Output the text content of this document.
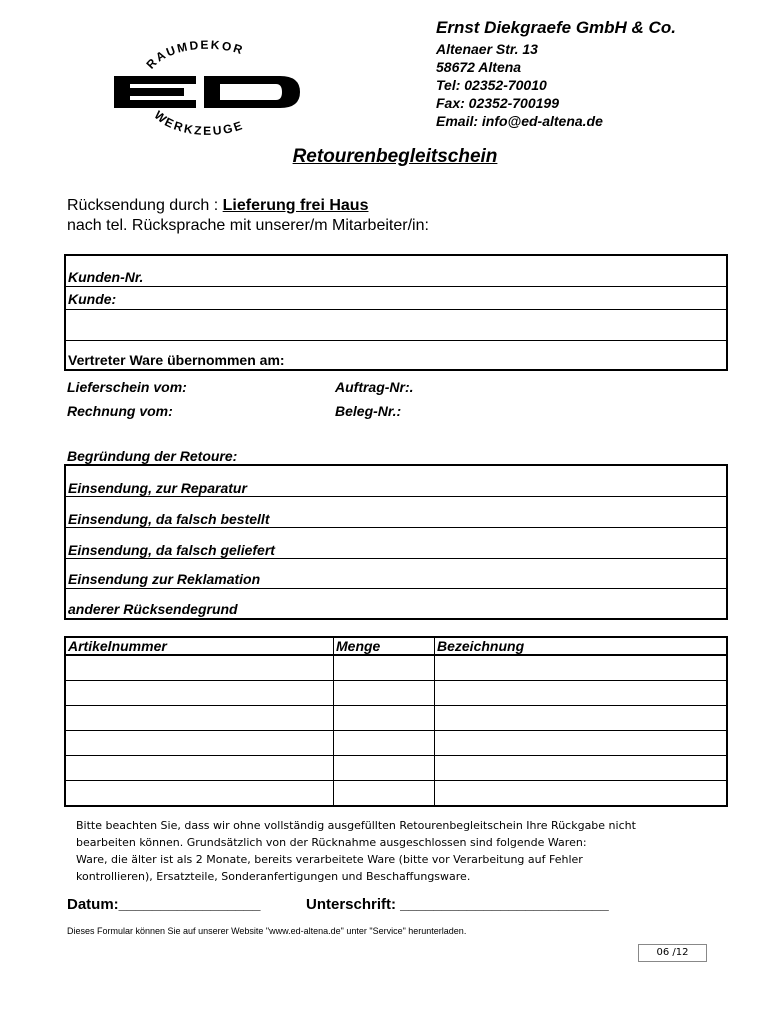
RAUMDEKOR
WERKZEUGE
Ernst Diekgraefe GmbH & Co.
Altenaer Str. 13
58672 Altena
Tel: 02352-70010
Fax: 02352-700199
Email: info@ed-altena.de
Retourenbegleitschein
Rücksendung durch : Lieferung frei Haus
nach tel. Rücksprache mit unserer/m Mitarbeiter/in:
Kunden-Nr.
Kunde:
Vertreter Ware übernommen am:
Lieferschein vom:	Auftrag-Nr:.
Rechnung vom:	Beleg-Nr.:
Begründung der Retoure:
Einsendung, zur Reparatur
Einsendung, da falsch bestellt
Einsendung, da falsch geliefert
Einsendung zur Reklamation
anderer Rücksendegrund
Artikelnummer	Menge	Bezeichnung

Bitte beachten Sie, dass wir ohne vollständig ausgefüllten Retourenbegleitschein Ihre Rückgabe nicht
bearbeiten können. Grundsätzlich von der Rücknahme ausgeschlossen sind folgende Waren:
Ware, die älter ist als 2 Monate, bereits verarbeitete Ware (bitte vor Verarbeitung auf Fehler
kontrollieren), Ersatzteile, Sonderanfertigungen und Beschaffungsware.
Datum:_________________	Unterschrift: _________________________
Dieses Formular können Sie auf unserer Website "www.ed-altena.de" unter "Service" herunterladen.
06 /12
